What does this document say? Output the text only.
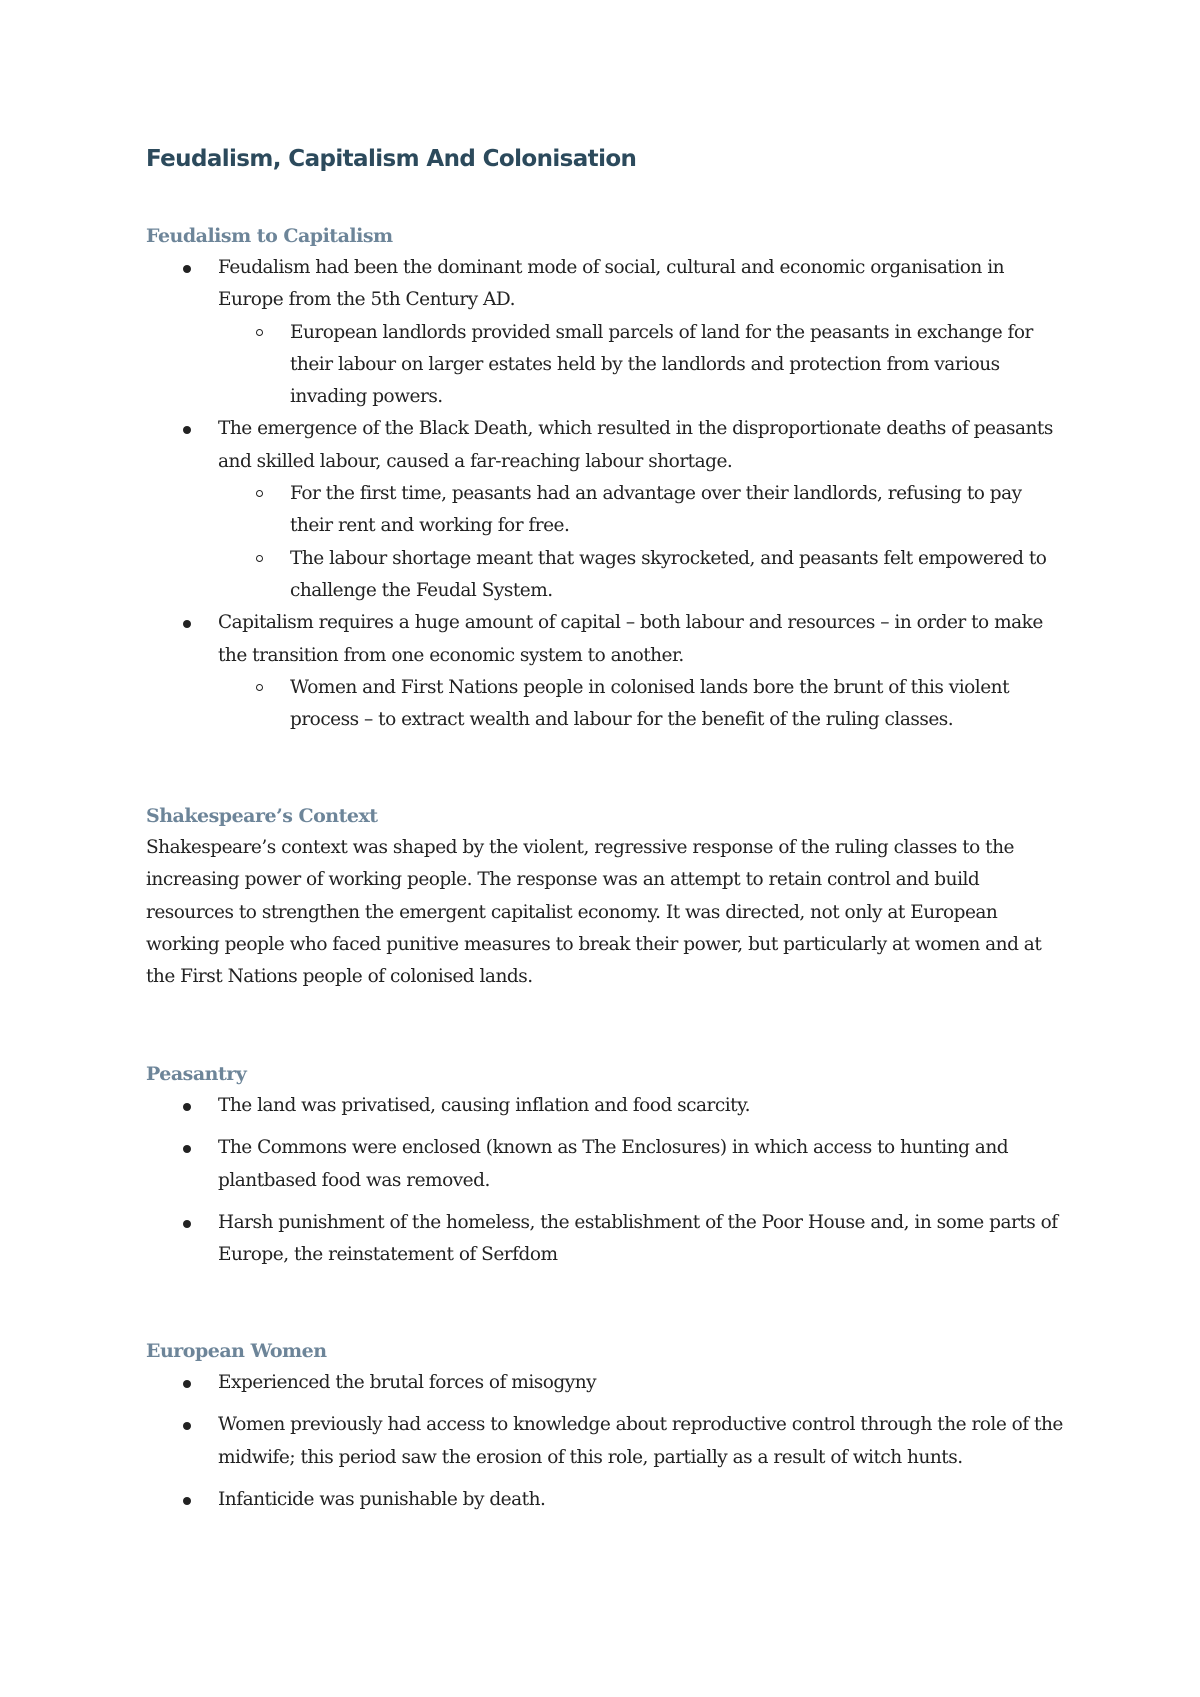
Feudalism, Capitalism And Colonisation
Feudalism to Capitalism
Feudalism had been the dominant mode of social, cultural and economic organisation in Europe from the 5th Century AD.
European landlords provided small parcels of land for the peasants in exchange for their labour on larger estates held by the landlords and protection from various invading powers.
The emergence of the Black Death, which resulted in the disproportionate deaths of peasants and skilled labour, caused a far-reaching labour shortage.
For the first time, peasants had an advantage over their landlords, refusing to pay their rent and working for free.
The labour shortage meant that wages skyrocketed, and peasants felt empowered to challenge the Feudal System.
Capitalism requires a huge amount of capital – both labour and resources – in order to make the transition from one economic system to another.
Women and First Nations people in colonised lands bore the brunt of this violent process – to extract wealth and labour for the benefit of the ruling classes.
Shakespeare’s Context

Shakespeare’s context was shaped by the violent, regressive response of the ruling classes to the increasing power of working people. The response was an attempt to retain control and build resources to strengthen the emergent capitalist economy. It was directed, not only at European working people who faced punitive measures to break their power, but particularly at women and at the First Nations people of colonised lands.

Peasantry
The land was privatised, causing inflation and food scarcity.
The Commons were enclosed (known as The Enclosures) in which access to hunting and plantbased food was removed.
Harsh punishment of the homeless, the establishment of the Poor House and, in some parts of Europe, the reinstatement of Serfdom
European Women
Experienced the brutal forces of misogyny
Women previously had access to knowledge about reproductive control through the role of the midwife; this period saw the erosion of this role, partially as a result of witch hunts.
Infanticide was punishable by death.
